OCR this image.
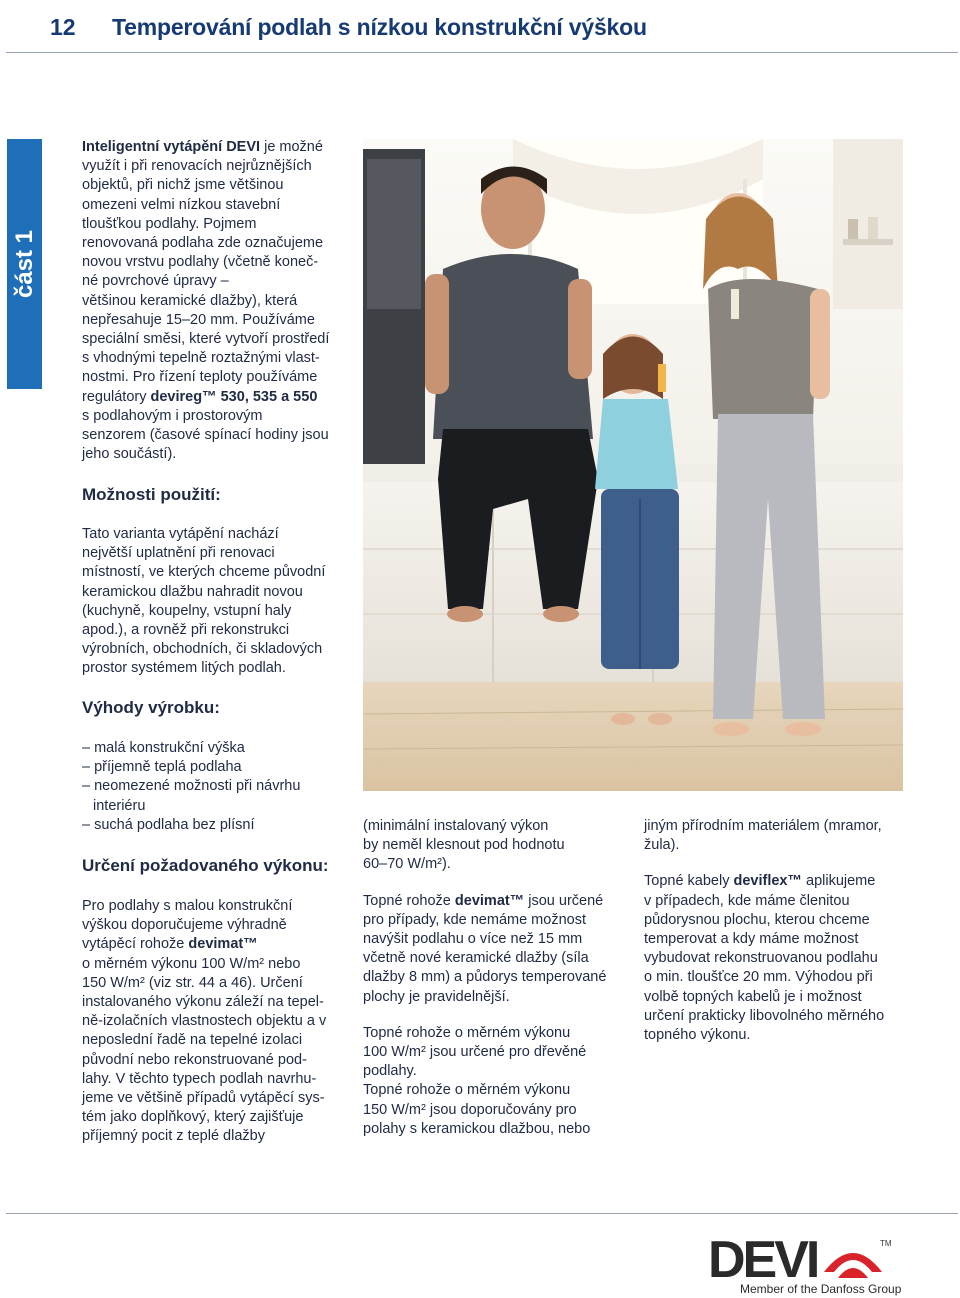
12 Temperování podlah s nízkou konstrukční výškou
část 1

Inteligentní vytápění DEVI je možné

využít i při renovacích nejrůznějších

objektů, při nichž jsme většinou

omezeni velmi nízkou stavební

tloušťkou podlahy. Pojmem

renovovaná podlaha zde označujeme

novou vrstvu podlahy (včetně koneč-

né povrchové úpravy –

většinou keramické dlažby), která

nepřesahuje 15–20 mm. Používáme

speciální směsi, které vytvoří prostředí

s vhodnými tepelně roztažnými vlast-

nostmi. Pro řízení teploty používáme

regulátory devireg™ 530, 535 a 550

s podlahovým i prostorovým

senzorem (časové spínací hodiny jsou

jeho součástí).

Možnosti použití:

Tato varianta vytápění nachází

největší uplatnění při renovaci

místností, ve kterých chceme původní

keramickou dlažbu nahradit novou

(kuchyně, koupelny, vstupní haly

apod.), a rovněž při rekonstrukci

výrobních, obchodních, či skladových

prostor systémem litých podlah.

Výhody výrobku:

– malá konstrukční výška

– příjemně teplá podlaha

– neomezené možnosti při návrhu

interiéru

– suchá podlaha bez plísní

Určení požadovaného výkonu:

Pro podlahy s malou konstrukční

výškou doporučujeme výhradně

vytápěcí rohože devimat™

o měrném výkonu 100 W/m² nebo

150 W/m² (viz str. 44 a 46). Určení

instalovaného výkonu záleží na tepel-

ně-izolačních vlastnostech objektu a v

neposlední řadě na tepelné izolaci

původní nebo rekonstruované pod-

lahy. V těchto typech podlah navrhu-

jeme ve většině případů vytápěcí sys-

tém jako doplňkový, který zajišťuje

příjemný pocit z teplé dlažby

(minimální instalovaný výkon

by neměl klesnout pod hodnotu

60–70 W/m²).

Topné rohože devimat™ jsou určené

pro případy, kde nemáme možnost

navýšit podlahu o více než 15 mm

včetně nové keramické dlažby (síla

dlažby 8 mm) a půdorys temperované

plochy je pravidelnější.

Topné rohože o měrném výkonu

100 W/m² jsou určené pro dřevěné

podlahy.

Topné rohože o měrném výkonu

150 W/m² jsou doporučovány pro

polahy s keramickou dlažbou, nebo

jiným přírodním materiálem (mramor,

žula).

Topné kabely deviflex™ aplikujeme

v případech, kde máme členitou

půdorysnou plochu, kterou chceme

temperovat a kdy máme možnost

vybudovat rekonstruovanou podlahu

o min. tloušťce 20 mm. Výhodou při

volbě topných kabelů je i možnost

určení prakticky libovolného měrného

topného výkonu.

DEVI	TM
Member of the Danfoss Group
